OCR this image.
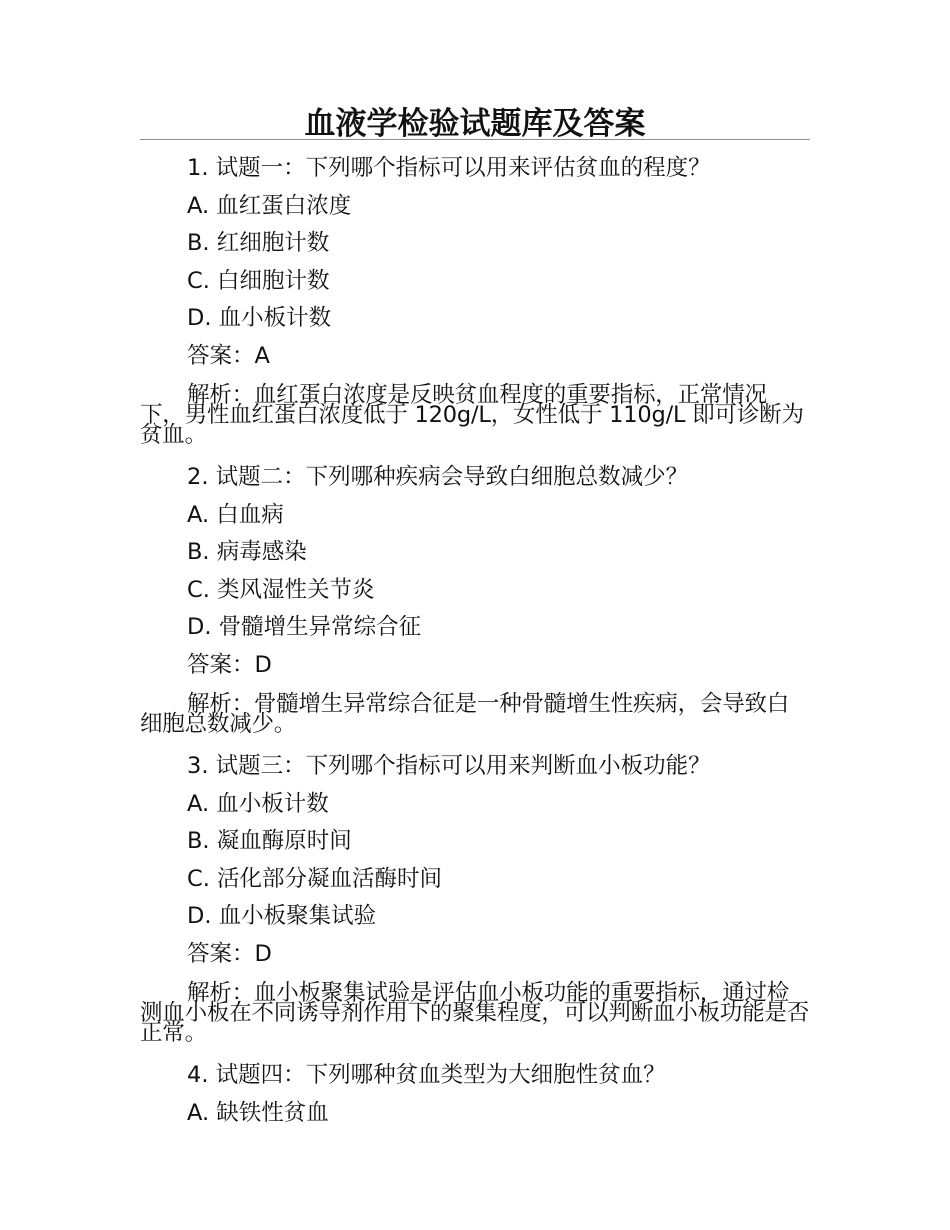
血液学检验试题库及答案

1. 试题一：下列哪个指标可以用来评估贫血的程度？

A. 血红蛋白浓度

B. 红细胞计数

C. 白细胞计数

D. 血小板计数

答案：A

解析：血红蛋白浓度是反映贫血程度的重要指标，正常情况下，男性血红蛋白浓度低于 120g/L，女性低于 110g/L 即可诊断为贫血。

2. 试题二：下列哪种疾病会导致白细胞总数减少？

A. 白血病

B. 病毒感染

C. 类风湿性关节炎

D. 骨髓增生异常综合征

答案：D

解析：骨髓增生异常综合征是一种骨髓增生性疾病，会导致白细胞总数减少。

3. 试题三：下列哪个指标可以用来判断血小板功能？

A. 血小板计数

B. 凝血酶原时间

C. 活化部分凝血活酶时间

D. 血小板聚集试验

答案：D

解析：血小板聚集试验是评估血小板功能的重要指标，通过检测血小板在不同诱导剂作用下的聚集程度，可以判断血小板功能是否正常。

4. 试题四：下列哪种贫血类型为大细胞性贫血？

A. 缺铁性贫血
